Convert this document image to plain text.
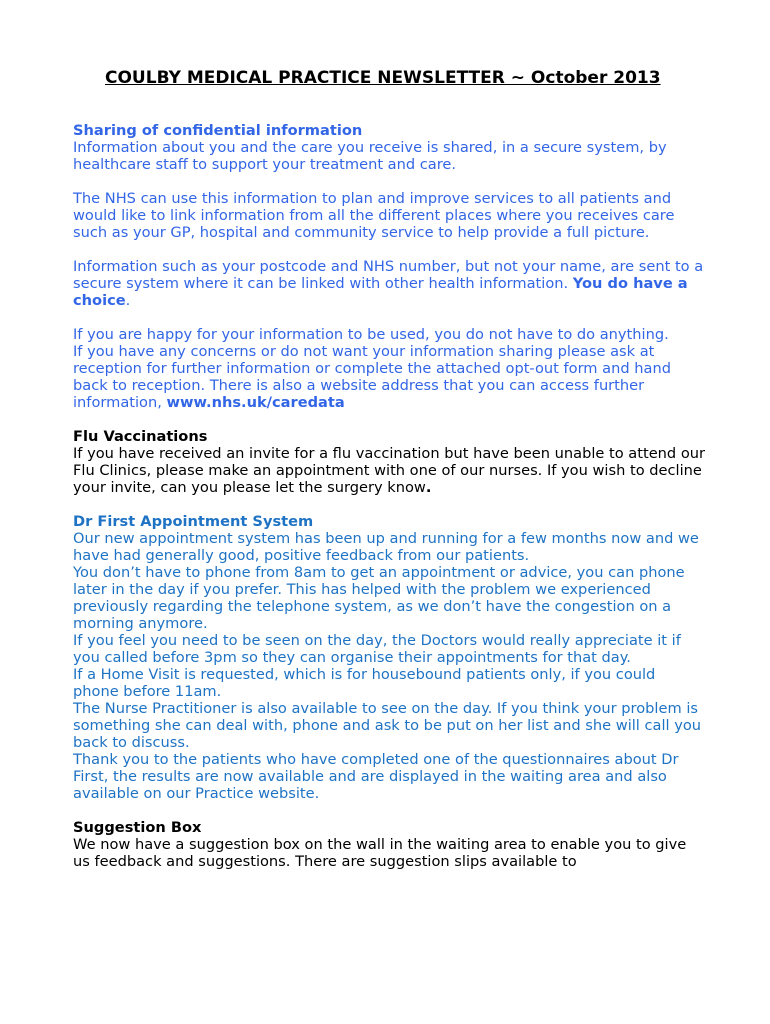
COULBY MEDICAL PRACTICE NEWSLETTER ~ October 2013

Sharing of confidential information

Information about you and the care you receive is shared, in a secure system, by healthcare staff to support your treatment and care.

The NHS can use this information to plan and improve services to all patients and would like to link information from all the different places where you receives care such as your GP, hospital and community service to help provide a full picture.

Information such as your postcode and NHS number, but not your name, are sent to a secure system where it can be linked with other health information. You do have a choice.

If you are happy for your information to be used, you do not have to do anything.

If you have any concerns or do not want your information sharing please ask at reception for further information or complete the attached opt-out form and hand back to reception. There is also a website address that you can access further information, www.nhs.uk/caredata

Flu Vaccinations

If you have received an invite for a flu vaccination but have been unable to attend our Flu Clinics, please make an appointment with one of our nurses. If you wish to decline your invite, can you please let the surgery know.

Dr First Appointment System

Our new appointment system has been up and running for a few months now and we have had generally good, positive feedback from our patients.

You don’t have to phone from 8am to get an appointment or advice, you can phone later in the day if you prefer. This has helped with the problem we experienced previously regarding the telephone system, as we don’t have the congestion on a morning anymore.

If you feel you need to be seen on the day, the Doctors would really appreciate it if you called before 3pm so they can organise their appointments for that day.

If a Home Visit is requested, which is for housebound patients only, if you could phone before 11am.

The Nurse Practitioner is also available to see on the day. If you think your problem is something she can deal with, phone and ask to be put on her list and she will call you back to discuss.

Thank you to the patients who have completed one of the questionnaires about Dr First, the results are now available and are displayed in the waiting area and also available on our Practice website.

Suggestion Box

We now have a suggestion box on the wall in the waiting area to enable you to give us feedback and suggestions. There are suggestion slips available to
